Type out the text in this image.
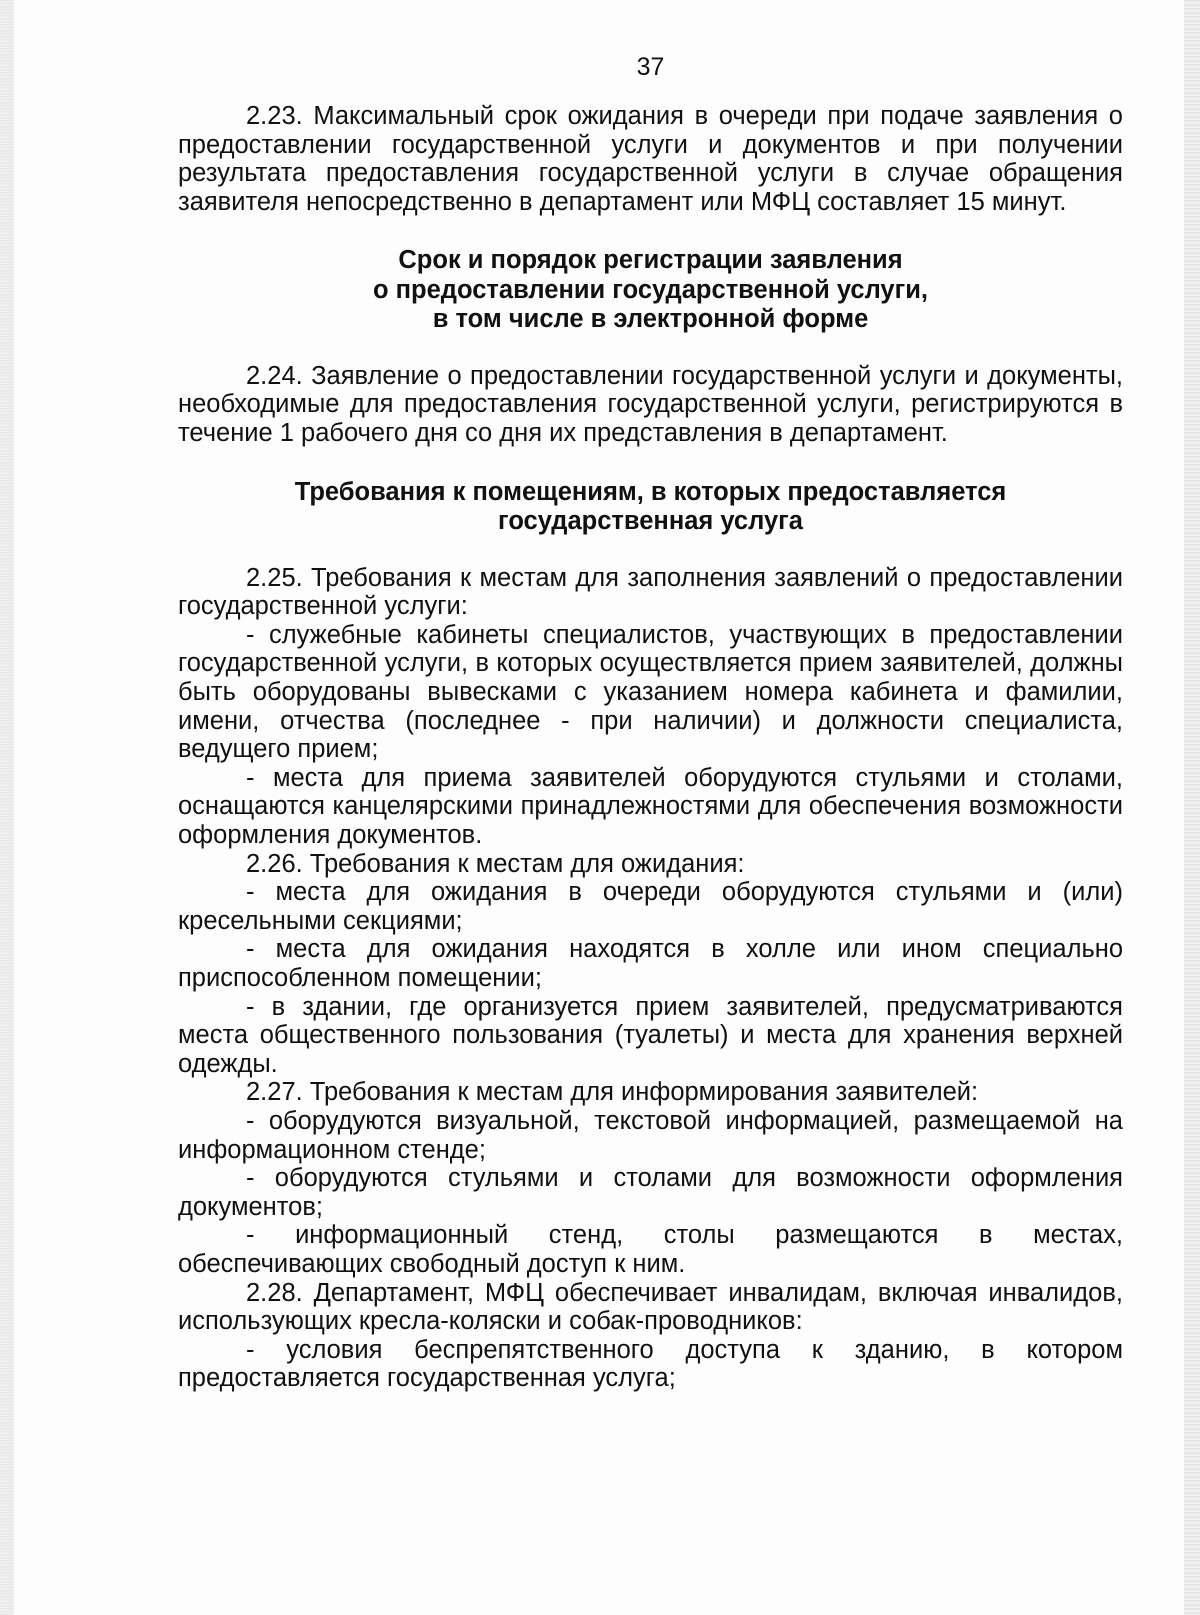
37

2.23. Максимальный срок ожидания в очереди при подаче заявления о предоставлении государственной услуги и документов и при получении результата предоставления государственной услуги в случае обращения заявителя непосредственно в департамент или МФЦ составляет 15 минут.

Срок и порядок регистрации заявления
о предоставлении государственной услуги,
в том числе в электронной форме

2.24. Заявление о предоставлении государственной услуги и документы, необходимые для предоставления государственной услуги, регистрируются в течение 1 рабочего дня со дня их представления в департамент.

Требования к помещениям, в которых предоставляется
государственная услуга

2.25. Требования к местам для заполнения заявлений о предоставлении государственной услуги:

- служебные кабинеты специалистов, участвующих в предоставлении государственной услуги, в которых осуществляется прием заявителей, должны быть оборудованы вывесками с указанием номера кабинета и фамилии, имени, отчества (последнее - при наличии) и должности специалиста, ведущего прием;

- места для приема заявителей оборудуются стульями и столами, оснащаются канцелярскими принадлежностями для обеспечения возможности оформления документов.

2.26. Требования к местам для ожидания:

- места для ожидания в очереди оборудуются стульями и (или) кресельными секциями;

- места для ожидания находятся в холле или ином специально приспособленном помещении;

- в здании, где организуется прием заявителей, предусматриваются места общественного пользования (туалеты) и места для хранения верхней одежды.

2.27. Требования к местам для информирования заявителей:

- оборудуются визуальной, текстовой информацией, размещаемой на информационном стенде;

- оборудуются стульями и столами для возможности оформления документов;

- информационный стенд, столы размещаются в местах, обеспечивающих свободный доступ к ним.

2.28. Департамент, МФЦ обеспечивает инвалидам, включая инвалидов, использующих кресла-коляски и собак-проводников:

- условия беспрепятственного доступа к зданию, в котором предоставляется государственная услуга;
